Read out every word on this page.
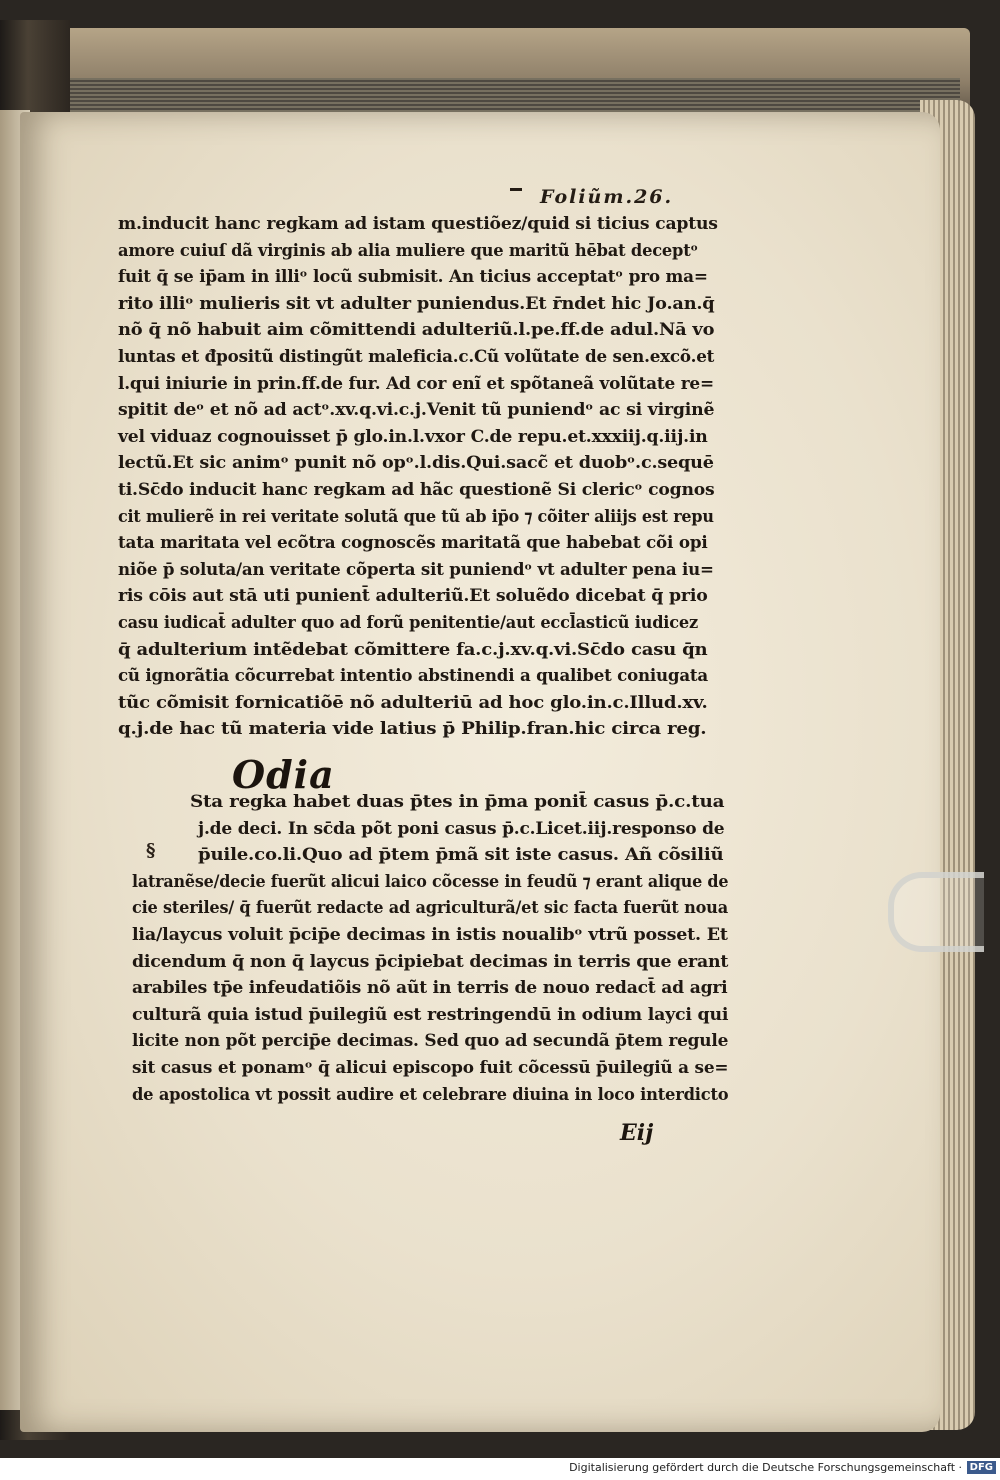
Foliũm.26.
m.inducit hanc regkam ad istam questiõez/quid si ticius captus
amore cuiuſ dã virginis ab alia muliere que maritũ hēbat deceptᵒ
fuit q̄ se ip̄am in illiᵒ locũ submisit. An ticius acceptatᵒ pro ma=
rito illiᵒ mulieris sit vt adulter puniendus.Et r̄ndet hic Jo.an.q̄
nõ q̄ nõ habuit aim cõmittendi adulteriũ.l.pe.ff.de adul.Nā vo
luntas et đpositũ distingũt maleficia.c.Cũ volũtate de sen.excõ.et
l.qui iniurie in prin.ff.de fur. Ad cor enĩ et spõtaneã volũtate re=
spitit deᵒ et nõ ad actᵒ.xv.q.vi.c.j.Venit tũ puniendᵒ ac si virginẽ
vel viduaz cognouisset p̄ glo.in.l.vxor C.de repu.et.xxxiĳ.q.iĳ.in
lectũ.Et sic animᵒ punit nõ opᵒ.l.dis.Qui.sacc̃ et duobᵒ.c.sequē
ti.Sc̄do inducit hanc regkam ad hãc questionẽ Si clericᵒ cognos
cit mulierẽ in rei veritate solutã que tũ ab ip̄o ⁊ cõiter aliĳs est repu
tata maritata vel ecõtra cognoscẽs maritatã que habebat cõi opi
niõe p̄ soluta/an veritate cõperta sit puniendᵒ vt adulter pena iu=
ris cōis aut stā uti punient̄ adulteriũ.Et soluẽdo dicebat q̄ prio
casu iudicat̄ adulter quo ad forũ penitentie/aut eccl̄asticũ iudicez
q̄ adulterium intẽdebat cõmittere fa.c.j.xv.q.vi.Sc̄do casu q̄n
cũ ignorãtia cõcurrebat intentio abstinendi a qualibet coniugata
tũc cõmisit fornicatiõē nõ adulteriū ad hoc glo.in.c.Illud.xv.
q.j.de hac tũ materia vide latius p̄ Philip.fran.hic circa reg.
Odia
§
Sta regka habet duas p̄tes in p̄ma ponit̄ casus p̄.c.tua
j.de deci. In sc̄da põt poni casus p̄.c.Licet.iĳ.responso de
p̄uile.co.li.Quo ad p̄tem p̄mã sit iste casus. Añ cõsiliũ
latranẽse/decie fuerũt alicui laico cõcesse in feudũ ⁊ erant alique de
cie steriles/ q̄ fuerũt redacte ad agriculturã/et sic facta fuerũt noua
lia/laycus voluit p̄cip̄e decimas in istis noualibᵒ vtrũ posset. Et
dicendum q̄ non q̄ laycus p̄cipiebat decimas in terris que erant
arabiles tp̄e infeudatiõis nõ aũt in terris de nouo redact̄ ad agri
culturã quia istud p̄uilegiũ est restringendū in odium layci qui
licite non põt percip̄e decimas. Sed quo ad secundã p̄tem regule
sit casus et ponamᵒ q̄ alicui episcopo fuit cõcessū p̄uilegiũ a se=
de apostolica vt possit audire et celebrare diuina in loco interdicto
Eĳ
Digitalisierung gefördert durch die Deutsche Forschungsgemeinschaft · DFG
